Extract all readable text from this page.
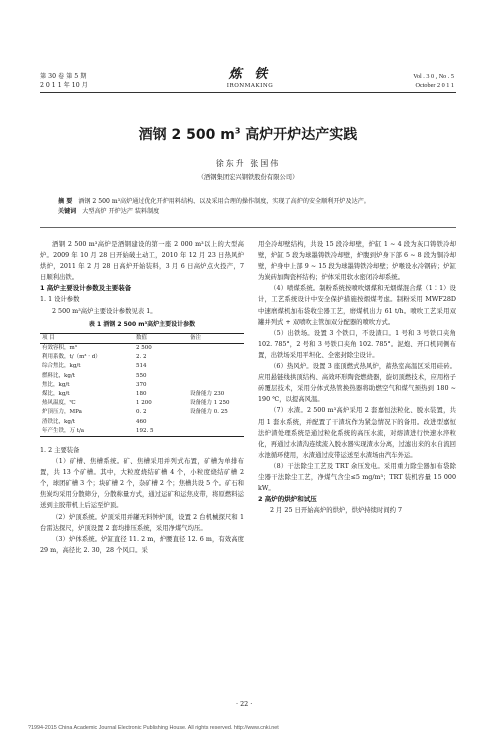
第 30 卷 第 5 期
2 0 1 1 年 10 月
炼 铁
IRONMAKING
Vol . 3 0 , No . 5
October 2 0 1 1
酒钢 2 500 $m^3$ 高炉开炉达产实践
徐东升 张国伟
（酒钢集团宏兴钢铁股份有限公司）
摘 要 酒钢 2 500 m³高炉通过优化开炉用料结构、以及采用合理的操作制度，实现了高炉的安全顺利开炉及达产。
关键词 大型高炉 开炉达产 装料制度

酒钢 2 500 m³高炉是酒钢建设的第一座 2 000 m³以上的大型高炉。2009 年 10 月 28 日开始破土动工，2010 年 12 月 23 日热风炉烘炉，2011 年 2 月 28 日高炉开始装料，3 月 6 日高炉点火投产，7 日顺利出铁。

1 高炉主要设计参数及主要装备
1. 1 设计参数

2 500 m³高炉主要设计参数见表 1。

表 1 酒钢 2 500 m³高炉主要设计参数
项 目	数值	备注
有效容积，m³	2 500	
利用系数，t/（m³ · d）	2. 2	
综合焦比，kg/t	514	
燃料比，kg/t	550	
焦比，kg/t	370	
煤比，kg/t	180	设备能力 230
热风温度，℃	1 200	设备能力 1 250
炉顶压力，MPa	0. 2	设备能力 0. 25
渣铁比，kg/t	460	
年产生铁，万 t/a	192. 5	
1. 2 主要装备

（1）矿槽、焦槽系统。矿、焦槽采用并列式布置，矿槽为单排布置，共 13 个矿槽。其中，大粒度烧结矿槽 4 个，小粒度烧结矿槽 2 个，球团矿槽 3 个；块矿槽 2 个，杂矿槽 2 个；焦槽共设 5 个。矿石和焦炭均采用分散筛分，分散称量方式，通过运矿和运焦皮带，将原燃料运送到主胶带机上后运至炉顶。

（2）炉顶系统。炉顶采用并罐无料钟炉顶，设置 2 台机械探尺和 1 台雷达探尺，炉顶设置 2 套均排压系统，采用净煤气均压。

（3）炉体系统。炉缸直径 11. 2 m，炉腰直径 12. 6 m，有效高度 29 m，高径比 2. 30，28 个风口。采

用全冷却壁结构，共设 15 段冷却壁，炉缸 1 ~ 4 段为灰口铸铁冷却壁，炉缸 5 段为球墨铸铁冷却壁，炉腹到炉身下部 6 ~ 8 段为铜冷却壁，炉身中上部 9 ~ 15 段为球墨铸铁冷却壁；炉喉设水冷钢砖；炉缸为炭砖加陶瓷杯结构；炉体采用软水密闭冷却系统。

（4）喷煤系统。制粉系统按喷吹烟煤和无烟煤混合煤（1∶1）设计，工艺系统设计中安全保护措施按烟煤考虑。制粉采用 MWF28D 中速磨煤机加布袋收尘器工艺，磨煤机出力 61 t/h。喷吹工艺采用双罐并列式 + 双喷吹主管加双分配器的喷吹方式。

（5）出铁场。设置 3 个铁口，不设渣口。1 号和 3 号铁口夹角 102. 785°，2 号和 3 号铁口夹角 102. 785°。泥炮、开口机同侧布置，出铁场采用平坦化、全密封除尘设计。

（6）热风炉。设置 3 座顶燃式热风炉，蓄热室高温区采用硅砖。应用悬链线拱顶结构、高效环形陶瓷燃烧器，旋切顶燃技术，应用格子砖覆层技术，采用分体式热管换热器将助燃空气和煤气预热到 180 ~ 190 ℃，以提高风温。

（7）水渣。2 500 m³高炉采用 2 套嘉恒法粒化、脱水装置，共用 1 套水系统，并配置了干渣坑作为紧急情况下的备用。改进型嘉恒法炉渣处理系统是通过粒化系统的高压水流，对熔渣进行快速水淬粒化，再通过水渣沟连续流入脱水器实现渣水分离，过滤出来的水自流回水池循环使用，水渣通过皮带运送至水渣场由汽车外运。

（8）干法除尘工艺及 TRT 余压发电。采用重力除尘器加布袋除尘器干法除尘工艺，净煤气含尘≤5 mg/m³；TRT 装机容量 15 000 kW。

2 高炉的烘炉和试压

2 月 25 日开始高炉的烘炉，烘炉持续时间约 7

· 22 ·
?1994-2015 China Academic Journal Electronic Publishing House. All rights reserved. http://www.cnki.net
